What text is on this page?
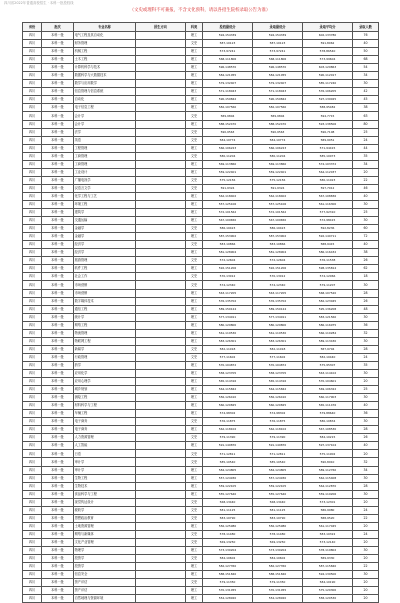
四川省2022年普通高校招生 · 本科一批投档线
（文史或理科不可兼报，不含文化预科，请以各招生院校录取公告为准）
省份	批次	专业名称	招生方向	科类	投档最低分	录取最低分	录取平均分	录取人数
四川	本科一批	电气工程及其自动化		理工	594,154339	594,154339	602,133780	76
四川	本科一批	财务管理		文史	587,10123	587,10123	591,8062	40
四川	本科一批	机械工程		理工	573,97241	573,97241	578,86540	50
四川	本科一批	土木工程		理工	568,111806	568,111806	573,99604	68
四川	本科一批	计算机科学与技术		理工	596,148570	596,148570	603,129863	54
四川	本科一批	数据科学与大数据技术		理工	584,121055	584,121055	590,112017	34
四川	本科一批	数学与应用数学		理工	579,132407	579,132407	585,117240	30
四川	本科一批	信息管理与信息系统		理工	571,118043	571,118043	576,106205	42
四川	本科一批	自动化		理工	590,159842	590,159842	597,139025	45
四川	本科一批	电子信息工程		理工	582,107560	582,107560	588,95482	38
四川	本科一批	会计学		文史	589,9804	589,9804	594,7715	63
四川	本科一批	会计学		理工	588,152470	588,152470	593,138506	80
四川	本科一批	法学		文史	590,9563	590,9563	596,7108	25
四川	本科一批	英语		文史	584,10774	584,10774	589,9051	24
四川	本科一批	工程管理		理工	566,106223	566,106223	571,94415	44
四川	本科一批	工商管理		文史	580,11204	580,11204	585,10073	35
四川	本科一批	工商管理		理工	569,113860	569,113860	574,103372	34
四川	本科一批	工业设计		理工	559,122401	559,122401	564,112037	20
四川	本科一批	广播电视学		文史	575,12156	575,12156	580,11023	22
四川	本科一批	汉语言文学		文史	591,9324	591,9324	597,7012	46
四川	本科一批	化学工程与工艺		理工	562,118402	562,118402	567,108836	40
四川	本科一批	环境工程		理工	557,125106	557,125106	561,116300	30
四川	本科一批	建筑学		理工	572,101562	572,101562	577,92310	25
四川	本科一批	交通运输		理工	567,109650	567,109650	572,98415	30
四川	本科一批	金融学		文史	586,10423	586,10423	592,8236	60
四川	本科一批	金融学		理工	587,153902	587,153902	592,140711	72
四川	本科一批	经济学		文史	583,10866	583,10866	588,9415	40
四川	本科一批	经济学		理工	581,128904	581,128904	586,116432	38
四川	本科一批	旅游管理		文史	572,12604	572,12604	576,11538	26
四川	本科一批	软件工程		理工	592,151206	592,151206	598,135814	62
四川	本科一批	社会工作		文史	570,13012	570,13012	574,12066	18
四川	本科一批	市场营销		文史	574,12340	574,12340	579,11207	30
四川	本科一批	市场营销		理工	563,117205	563,117205	568,107520	28
四川	本科一批	数字媒体技术		理工	576,135702	576,135702	582,123045	26
四川	本科一批	通信工程		理工	589,150124	589,150124	595,136208	48
四川	本科一批	统计学		理工	577,134011	577,134011	583,121560	30
四川	本科一批	网络工程		理工	580,129800	580,129800	586,116975	36
四川	本科一批	物流管理		理工	561,119530	561,119530	566,110284	32
四川	本科一批	物联网工程		理工	583,126301	583,126301	589,113430	30
四川	本科一批	新闻学		文史	582,11018	582,11018	587,9704	28
四川	本科一批	行政管理		文史	577,11602	577,11602	582,10440	24
四川	本科一批	药学		理工	570,104872	570,104872	575,95307	35
四川	本科一批	应用化学		理工	558,123705	558,123705	563,114102	30
四川	本科一批	应用心理学		理工	565,114316	565,114316	570,104601	20
四川	本科一批	城乡规划		理工	564,115842	564,115842	569,106322	25
四川	本科一批	测绘工程		理工	556,126410	556,126410	560,117903	30
四川	本科一批	材料科学与工程		理工	560,120825	560,120825	565,111476	40
四川	本科一批	车辆工程		理工	574,98302	574,98302	579,88640	36
四川	本科一批	电子商务		文史	576,11875	576,11875	580,10834	30
四川	本科一批	电子商务		理工	562,118102	562,118102	567,108530	28
四川	本科一批	人力资源管理		文史	579,11390	579,11390	584,10215	26
四川	本科一批	人工智能		理工	591,149870	591,149870	597,137104	40
四川	本科一批	日语		文史	571,12811	571,12811	575,11902	20
四川	本科一批	审计学		文史	585,10540	585,10540	590,8910	32
四川	本科一批	审计学		理工	584,124805	584,124805	589,112760	34
四川	本科一批	生物工程		理工	557,124930	557,124930	562,115408	30
四川	本科一批	生物技术		理工	559,122105	559,122105	564,112870	28
四川	本科一批	食品科学与工程		理工	555,127640	555,127640	559,119206	30
四川	本科一批	视觉传达设计		文史	568,13440	568,13440	573,12301	20
四川	本科一批	税收学		文史	581,11125	581,11125	586,9980	24
四川	本科一批	思想政治教育		文史	583,10790	583,10790	588,9520	22
四川	本科一批	土地资源管理		理工	556,125980	556,125980	561,117045	20
四川	本科一批	网络与新媒体		文史	578,11480	578,11480	583,10322	24
四川	本科一批	文化产业管理		文史	569,13250	569,13250	573,12140	20
四川	本科一批	物理学		理工	573,130204	573,130204	578,119802	30
四川	本科一批	投资学		文史	584,10602	584,10602	589,9330	20
四川	本科一批	投资学		理工	582,127350	582,127350	587,115840	22
四川	本科一批	信息安全		理工	588,151840	588,151840	594,139500	30
四川	本科一批	资产评估		文史	579,11350	579,11350	584,10190	20
四川	本科一批	资产评估		理工	570,131055	570,131055	575,120300	20
四川	本科一批	自然地理与资源环境		理工	554,128920	554,128920	558,120530	20
